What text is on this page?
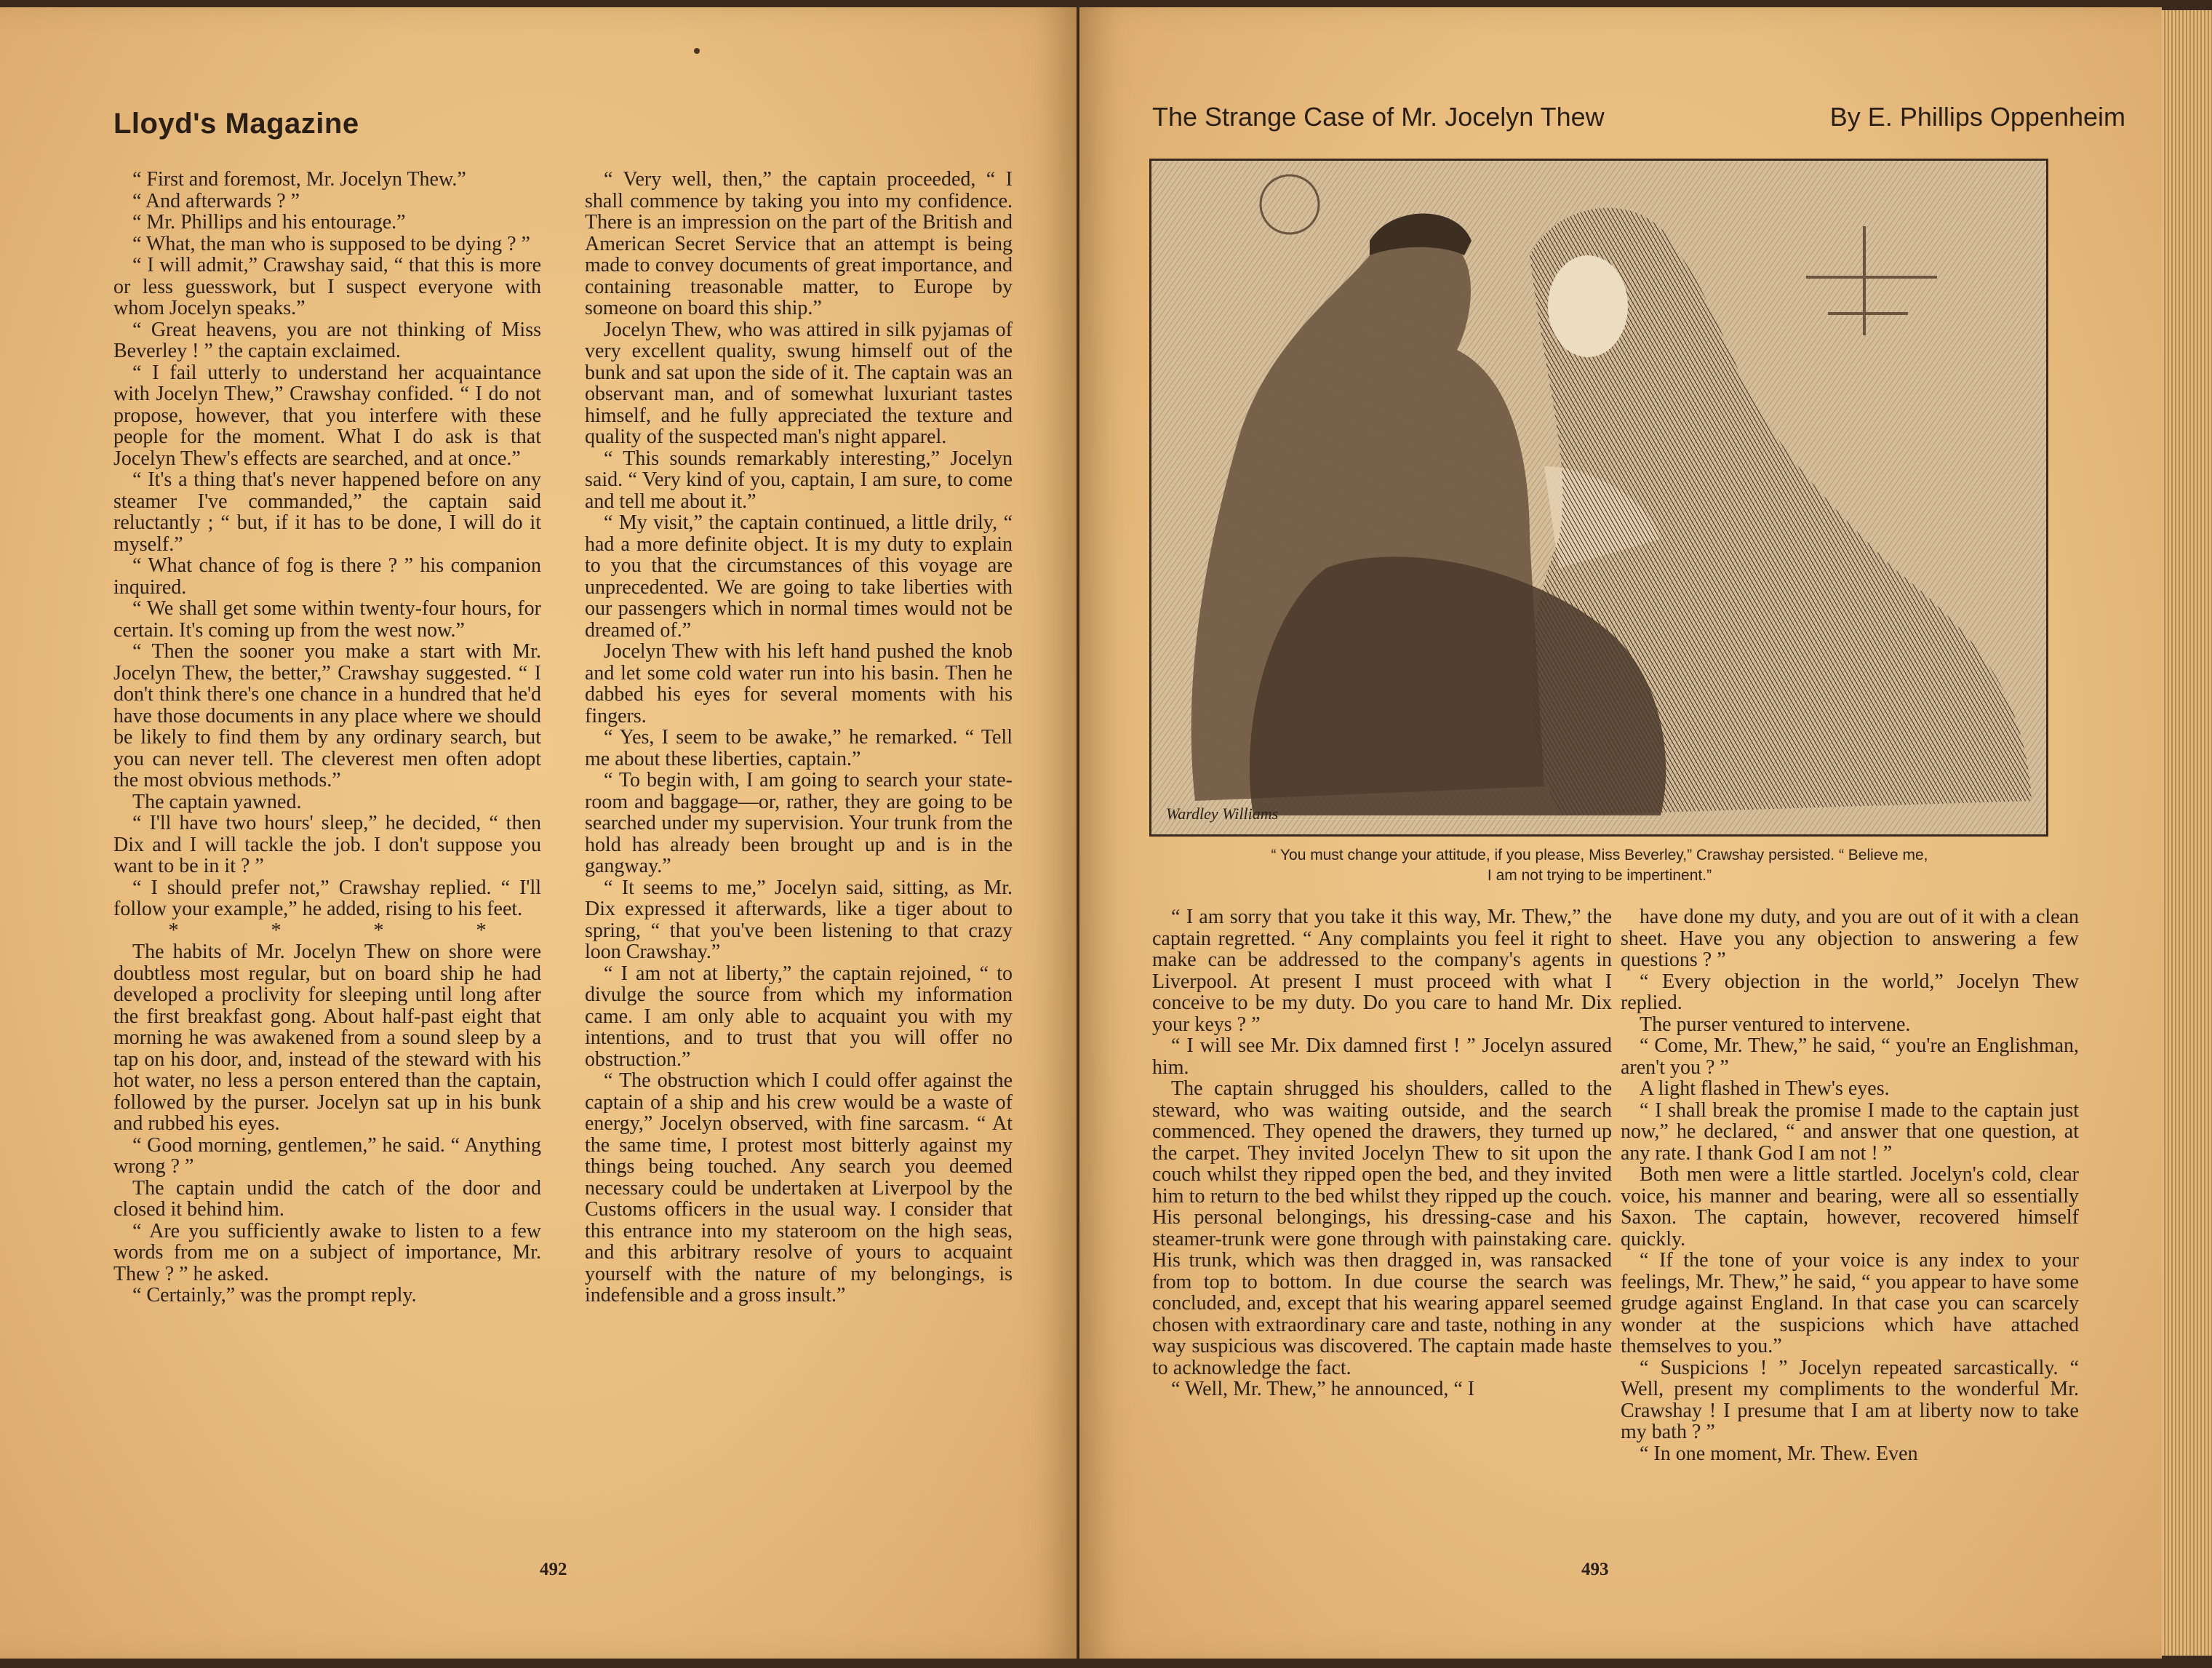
Lloyd's Magazine

“ First and foremost, Mr. Jocelyn Thew.”

“ And afterwards ? ”

“ Mr. Phillips and his entourage.”

“ What, the man who is supposed to be dying ? ”

“ I will admit,” Crawshay said, “ that this is more or less guesswork, but I suspect everyone with whom Jocelyn speaks.”

“ Great heavens, you are not thinking of Miss Beverley ! ” the captain exclaimed.

“ I fail utterly to understand her acquaintance with Jocelyn Thew,” Crawshay confided. “ I do not propose, however, that you interfere with these people for the moment. What I do ask is that Jocelyn Thew's effects are searched, and at once.”

“ It's a thing that's never happened before on any steamer I've commanded,” the captain said reluctantly ; “ but, if it has to be done, I will do it myself.”

“ What chance of fog is there ? ” his companion inquired.

“ We shall get some within twenty-four hours, for certain. It's coming up from the west now.”

“ Then the sooner you make a start with Mr. Jocelyn Thew, the better,” Crawshay suggested. “ I don't think there's one chance in a hundred that he'd have those documents in any place where we should be likely to find them by any ordinary search, but you can never tell. The cleverest men often adopt the most obvious methods.”

The captain yawned.

“ I'll have two hours' sleep,” he decided, “ then Dix and I will tackle the job. I don't suppose you want to be in it ? ”

“ I should prefer not,” Crawshay replied. “ I'll follow your example,” he added, rising to his feet.

* * * *

The habits of Mr. Jocelyn Thew on shore were doubtless most regular, but on board ship he had developed a proclivity for sleeping until long after the first breakfast gong. About half-past eight that morning he was awakened from a sound sleep by a tap on his door, and, instead of the steward with his hot water, no less a person entered than the captain, followed by the purser. Jocelyn sat up in his bunk and rubbed his eyes.

“ Good morning, gentlemen,” he said. “ Anything wrong ? ”

The captain undid the catch of the door and closed it behind him.

“ Are you sufficiently awake to listen to a few words from me on a subject of importance, Mr. Thew ? ” he asked.

“ Certainly,” was the prompt reply.

“ Very well, then,” the captain proceeded, “ I shall commence by taking you into my confidence. There is an impression on the part of the British and American Secret Service that an attempt is being made to convey documents of great importance, and containing treasonable matter, to Europe by someone on board this ship.”

Jocelyn Thew, who was attired in silk pyjamas of very excellent quality, swung himself out of the bunk and sat upon the side of it. The captain was an observant man, and of somewhat luxuriant tastes himself, and he fully appreciated the texture and quality of the suspected man's night apparel.

“ This sounds remarkably interesting,” Jocelyn said. “ Very kind of you, captain, I am sure, to come and tell me about it.”

“ My visit,” the captain continued, a little drily, “ had a more definite object. It is my duty to explain to you that the circumstances of this voyage are unprecedented. We are going to take liberties with our passengers which in normal times would not be dreamed of.”

Jocelyn Thew with his left hand pushed the knob and let some cold water run into his basin. Then he dabbed his eyes for several moments with his fingers.

“ Yes, I seem to be awake,” he remarked. “ Tell me about these liberties, captain.”

“ To begin with, I am going to search your state-room and baggage—or, rather, they are going to be searched under my supervision. Your trunk from the hold has already been brought up and is in the gangway.”

“ It seems to me,” Jocelyn said, sitting, as Mr. Dix expressed it afterwards, like a tiger about to spring, “ that you've been listening to that crazy loon Crawshay.”

“ I am not at liberty,” the captain rejoined, “ to divulge the source from which my information came. I am only able to acquaint you with my intentions, and to trust that you will offer no obstruction.”

“ The obstruction which I could offer against the captain of a ship and his crew would be a waste of energy,” Jocelyn observed, with fine sarcasm. “ At the same time, I protest most bitterly against my things being touched. Any search you deemed necessary could be undertaken at Liverpool by the Customs officers in the usual way. I consider that this entrance into my stateroom on the high seas, and this arbitrary resolve of yours to acquaint yourself with the nature of my belongings, is indefensible and a gross insult.”

492
The Strange Case of Mr. Jocelyn Thew	By E. Phillips Oppenheim
Wardley Williams
“ You must change your attitude, if you please, Miss Beverley,” Crawshay persisted. “ Believe me,
I am not trying to be impertinent.”

“ I am sorry that you take it this way, Mr. Thew,” the captain regretted. “ Any complaints you feel it right to make can be addressed to the company's agents in Liverpool. At present I must proceed with what I conceive to be my duty. Do you care to hand Mr. Dix your keys ? ”

“ I will see Mr. Dix damned first ! ” Jocelyn assured him.

The captain shrugged his shoulders, called to the steward, who was waiting outside, and the search commenced. They opened the drawers, they turned up the carpet. They invited Jocelyn Thew to sit upon the couch whilst they ripped open the bed, and they invited him to return to the bed whilst they ripped up the couch. His personal belongings, his dressing-case and his steamer-trunk were gone through with painstaking care. His trunk, which was then dragged in, was ransacked from top to bottom. In due course the search was concluded, and, except that his wearing apparel seemed chosen with extraordinary care and taste, nothing in any way suspicious was discovered. The captain made haste to acknowledge the fact.

“ Well, Mr. Thew,” he announced, “ I

have done my duty, and you are out of it with a clean sheet. Have you any objection to answering a few questions ? ”

“ Every objection in the world,” Jocelyn Thew replied.

The purser ventured to intervene.

“ Come, Mr. Thew,” he said, “ you're an Englishman, aren't you ? ”

A light flashed in Thew's eyes.

“ I shall break the promise I made to the captain just now,” he declared, “ and answer that one question, at any rate. I thank God I am not ! ”

Both men were a little startled. Jocelyn's cold, clear voice, his manner and bearing, were all so essentially Saxon. The captain, however, recovered himself quickly.

“ If the tone of your voice is any index to your feelings, Mr. Thew,” he said, “ you appear to have some grudge against England. In that case you can scarcely wonder at the suspicions which have attached themselves to you.”

“ Suspicions ! ” Jocelyn repeated sarcastically. “ Well, present my compliments to the wonderful Mr. Crawshay ! I presume that I am at liberty now to take my bath ? ”

“ In one moment, Mr. Thew. Even

493
